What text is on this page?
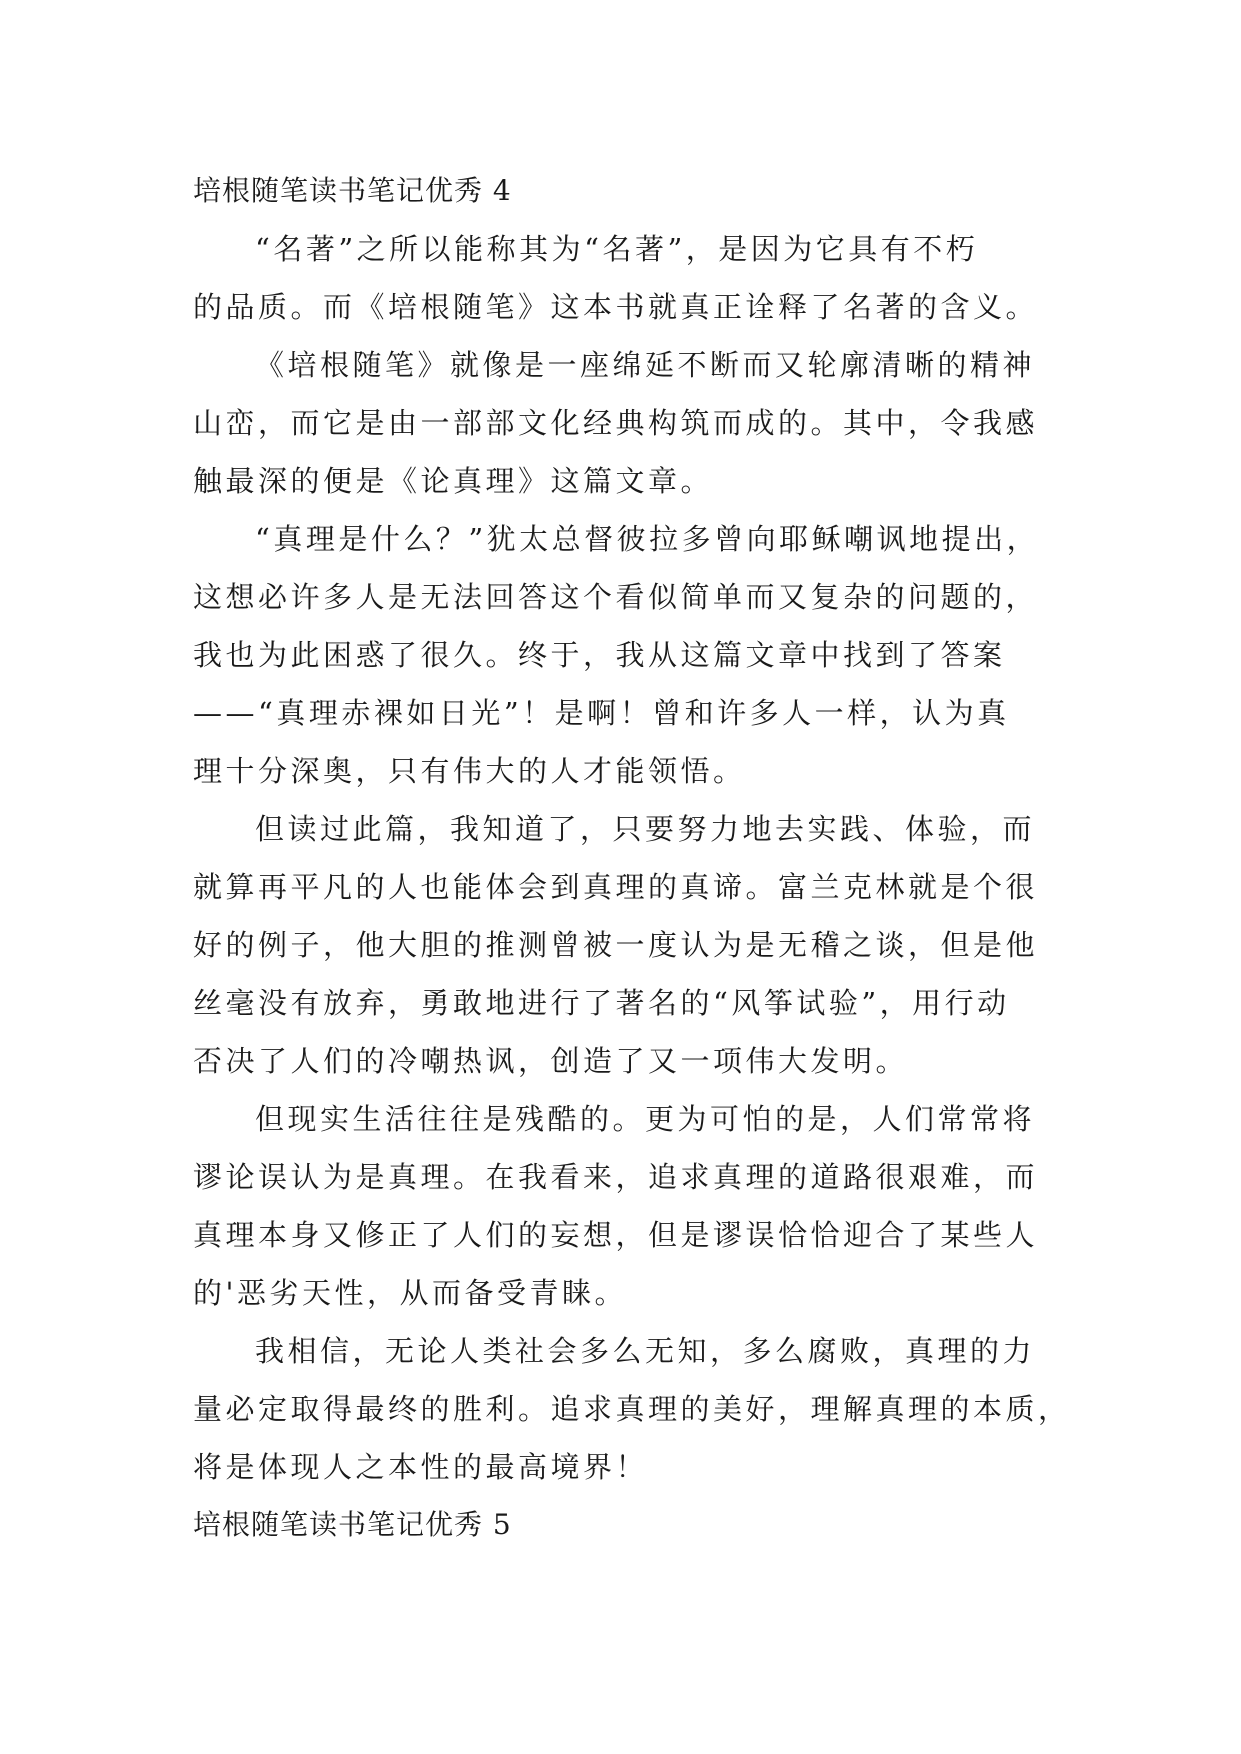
培根随笔读书笔记优秀 4

“名著”之所以能称其为“名著”，是因为它具有不朽
的品质。而《培根随笔》这本书就真正诠释了名著的含义。

《培根随笔》就像是一座绵延不断而又轮廓清晰的精神
山峦，而它是由一部部文化经典构筑而成的。其中，令我感
触最深的便是《论真理》这篇文章。

“真理是什么？”犹太总督彼拉多曾向耶稣嘲讽地提出，
这想必许多人是无法回答这个看似简单而又复杂的问题的，
我也为此困惑了很久。终于，我从这篇文章中找到了答案
——“真理赤裸如日光”！是啊！曾和许多人一样，认为真
理十分深奥，只有伟大的人才能领悟。

但读过此篇，我知道了，只要努力地去实践、体验，而
就算再平凡的人也能体会到真理的真谛。富兰克林就是个很
好的例子，他大胆的推测曾被一度认为是无稽之谈，但是他
丝毫没有放弃，勇敢地进行了著名的“风筝试验”，用行动
否决了人们的冷嘲热讽，创造了又一项伟大发明。

但现实生活往往是残酷的。更为可怕的是，人们常常将
谬论误认为是真理。在我看来，追求真理的道路很艰难，而
真理本身又修正了人们的妄想，但是谬误恰恰迎合了某些人
的'恶劣天性，从而备受青睐。

我相信，无论人类社会多么无知，多么腐败，真理的力
量必定取得最终的胜利。追求真理的美好，理解真理的本质，
将是体现人之本性的最高境界！

培根随笔读书笔记优秀 5
